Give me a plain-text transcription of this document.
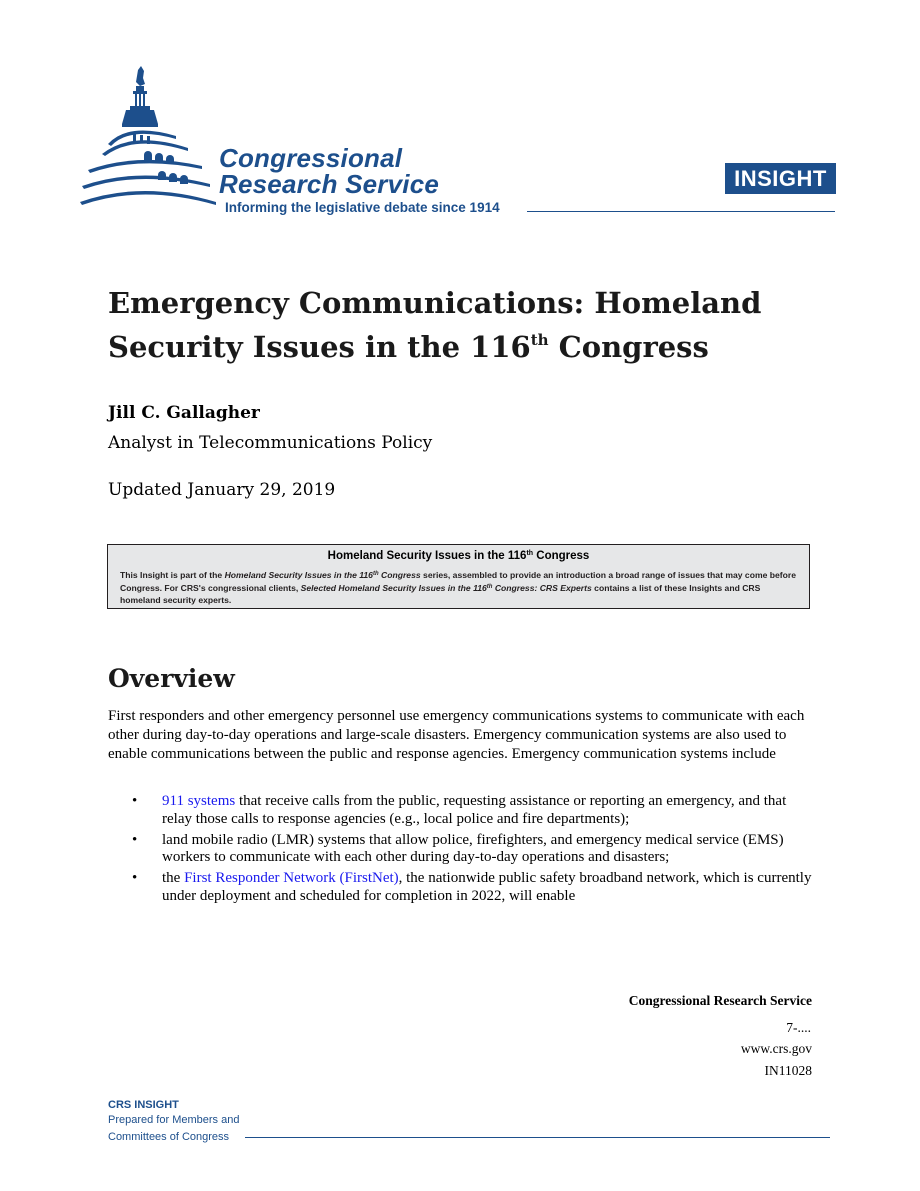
Congressional
Research Service
Informing the legislative debate since 1914
INSIGHT
Emergency Communications: Homeland Security Issues in the 116th Congress
Jill C. Gallagher
Analyst in Telecommunications Policy
Updated January 29, 2019
Homeland Security Issues in the 116th Congress
This Insight is part of the Homeland Security Issues in the 116th Congress series, assembled to provide an introduction a broad range of issues that may come before Congress. For CRS's congressional clients, Selected Homeland Security Issues in the 116th Congress: CRS Experts contains a list of these Insights and CRS homeland security experts.
Overview
First responders and other emergency personnel use emergency communications systems to communicate with each other during day-to-day operations and large-scale disasters. Emergency communication systems are also used to enable communications between the public and response agencies. Emergency communication systems include
• 911 systems that receive calls from the public, requesting assistance or reporting an emergency, and that relay those calls to response agencies (e.g., local police and fire departments);
• land mobile radio (LMR) systems that allow police, firefighters, and emergency medical service (EMS) workers to communicate with each other during day-to-day operations and disasters;
• the First Responder Network (FirstNet), the nationwide public safety broadband network, which is currently under deployment and scheduled for completion in 2022, will enable
Congressional Research Service
7-....
www.crs.gov
IN11028
CRS INSIGHT
Prepared for Members and
Committees of Congress
